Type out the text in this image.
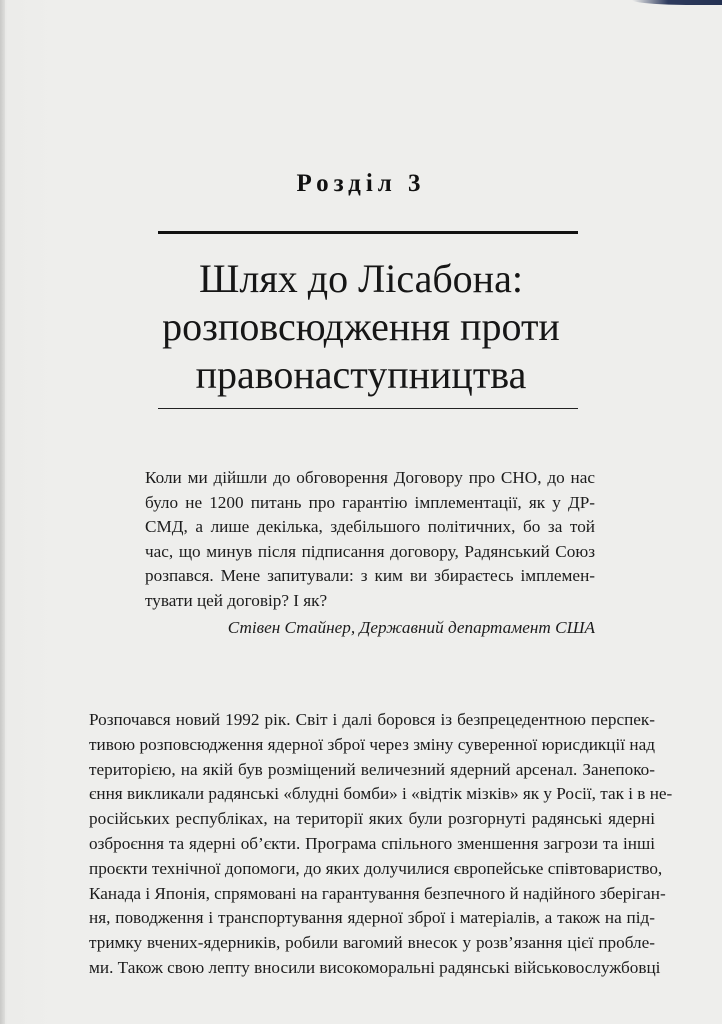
Розділ 3
Шлях до Лісабона:
розповсюдження проти
правонаступництва
Коли ми дійшли до обговорення Договору про СНО, до нас
було не 1200 питань про гарантію імплементації, як у ДР-
СМД, а лише декілька, здебільшого політичних, бо за той
час, що минув після підписання договору, Радянський Союз
розпався. Мене запитували: з ким ви збираєтесь імплемен-
тувати цей договір? І як?
Стівен Стайнер, Державний департамент США
Розпочався новий 1992 рік. Світ і далі боровся із безпрецедентною перспек-
тивою розповсюдження ядерної зброї через зміну суверенної юрисдикції над
територією, на якій був розміщений величезний ядерний арсенал. Занепоко-
єння викликали радянські «блудні бомби» і «відтік мізків» як у Росії, так і в не-
російських республіках, на території яких були розгорнуті радянські ядерні
озброєння та ядерні об’єкти. Програма спільного зменшення загрози та інші
проєкти технічної допомоги, до яких долучилися європейське співтовариство,
Канада і Японія, спрямовані на гарантування безпечного й надійного зберіган-
ня, поводження і транспортування ядерної зброї і матеріалів, а також на під-
тримку вчених-ядерників, робили вагомий внесок у розв’язання цієї пробле-
ми. Також свою лепту вносили високоморальні радянські військовослужбовці
